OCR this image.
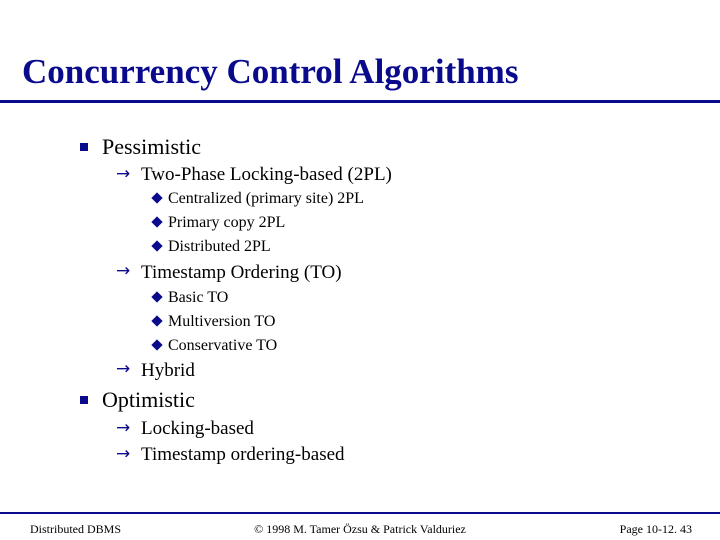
Concurrency Control Algorithms
Pessimistic
→ Two-Phase Locking-based (2PL)
Centralized (primary site) 2PL
Primary copy 2PL
Distributed 2PL
→ Timestamp Ordering (TO)
Basic TO
Multiversion TO
Conservative TO
→ Hybrid
Optimistic
→ Locking-based
→ Timestamp ordering-based
Distributed DBMS	© 1998 M. Tamer Özsu & Patrick Valduriez	Page 10-12. 43
